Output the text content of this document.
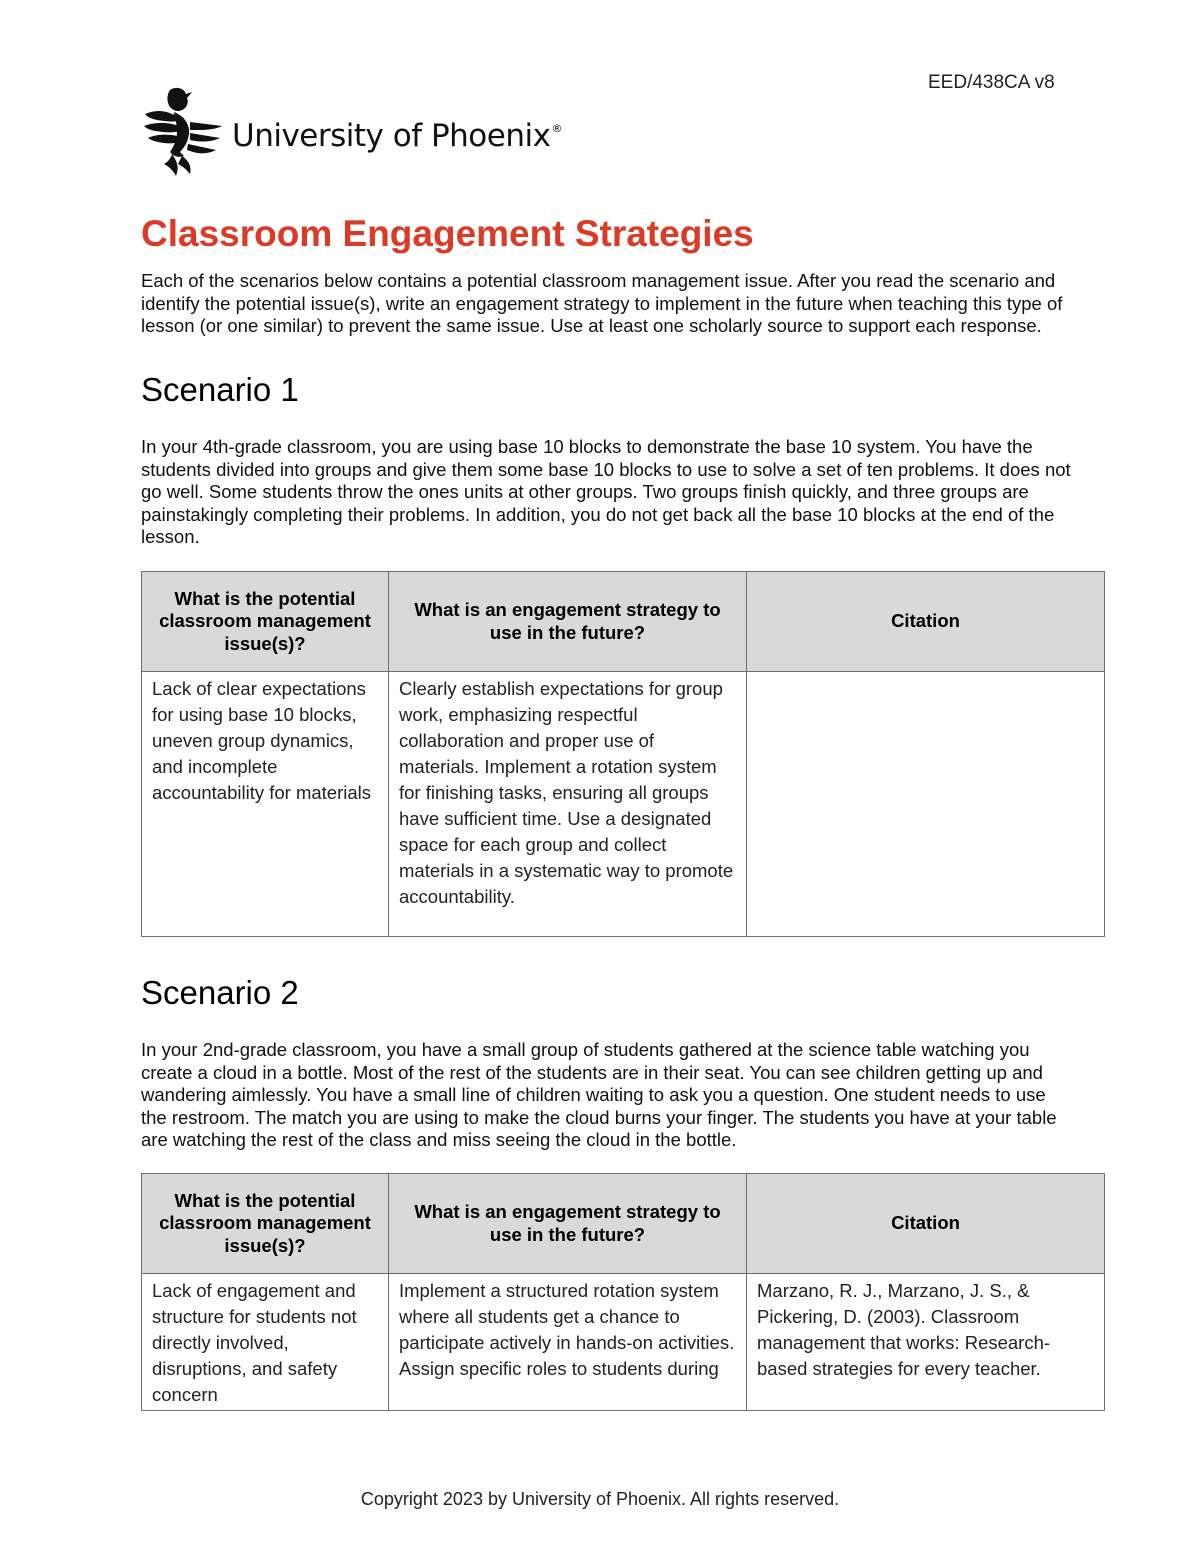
EED/438CA v8
University of Phoenix®
Classroom Engagement Strategies

Each of the scenarios below contains a potential classroom management issue. After you read the scenario and identify the potential issue(s), write an engagement strategy to implement in the future when teaching this type of lesson (or one similar) to prevent the same issue. Use at least one scholarly source to support each response.

Scenario 1

In your 4th-grade classroom, you are using base 10 blocks to demonstrate the base 10 system. You have the students divided into groups and give them some base 10 blocks to use to solve a set of ten problems. It does not go well. Some students throw the ones units at other groups. Two groups finish quickly, and three groups are painstakingly completing their problems. In addition, you do not get back all the base 10 blocks at the end of the lesson.

What is the potential classroom management issue(s)?	What is an engagement strategy to use in the future?	Citation
Lack of clear expectations for using base 10 blocks, uneven group dynamics, and incomplete accountability for materials	Clearly establish expectations for group work, emphasizing respectful collaboration and proper use of materials. Implement a rotation system for finishing tasks, ensuring all groups have sufficient time. Use a designated space for each group and collect materials in a systematic way to promote accountability.	
Scenario 2

In your 2nd-grade classroom, you have a small group of students gathered at the science table watching you create a cloud in a bottle. Most of the rest of the students are in their seat. You can see children getting up and wandering aimlessly. You have a small line of children waiting to ask you a question. One student needs to use the restroom. The match you are using to make the cloud burns your finger. The students you have at your table are watching the rest of the class and miss seeing the cloud in the bottle.

What is the potential classroom management issue(s)?	What is an engagement strategy to use in the future?	Citation

Lack of engagement and structure for students not directly involved, disruptions, and safety concern	Implement a structured rotation system where all students get a chance to participate actively in hands-on activities. Assign specific roles to students during	Marzano, R. J., Marzano, J. S., & Pickering, D. (2003). Classroom management that works: Research-based strategies for every teacher.
Copyright 2023 by University of Phoenix. All rights reserved.
